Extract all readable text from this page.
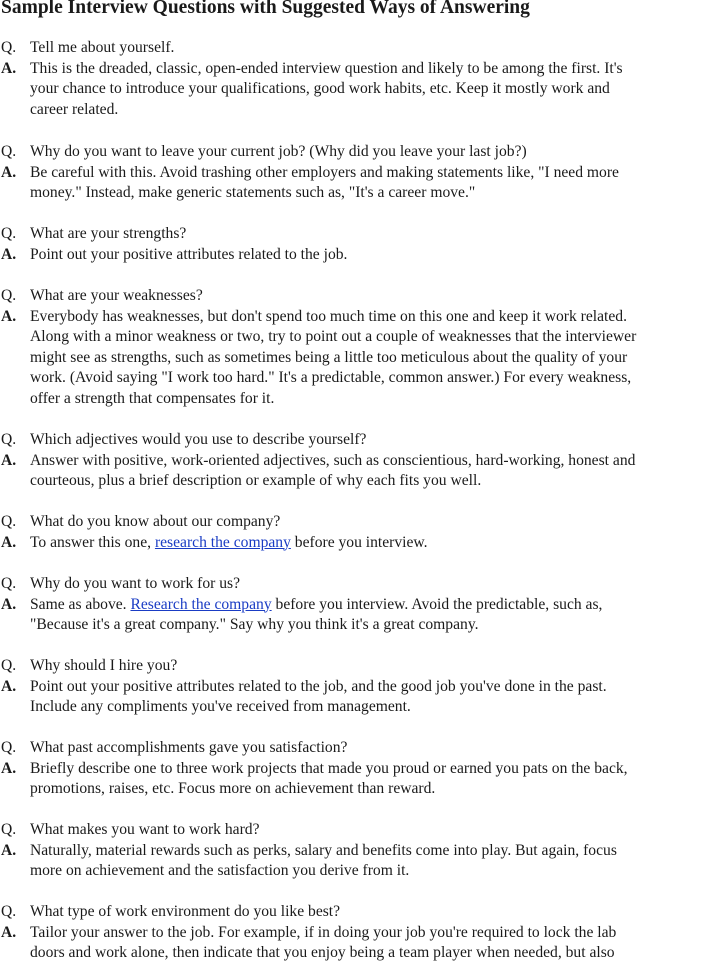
Sample Interview Questions with Suggested Ways of Answering
Q. Tell me about yourself.
A. This is the dreaded, classic, open-ended interview question and likely to be among the first. It's
your chance to introduce your qualifications, good work habits, etc. Keep it mostly work and
career related.
Q. Why do you want to leave your current job? (Why did you leave your last job?)
A. Be careful with this. Avoid trashing other employers and making statements like, "I need more
money." Instead, make generic statements such as, "It's a career move."
Q. What are your strengths?
A. Point out your positive attributes related to the job.
Q. What are your weaknesses?
A. Everybody has weaknesses, but don't spend too much time on this one and keep it work related.
Along with a minor weakness or two, try to point out a couple of weaknesses that the interviewer
might see as strengths, such as sometimes being a little too meticulous about the quality of your
work. (Avoid saying "I work too hard." It's a predictable, common answer.) For every weakness,
offer a strength that compensates for it.
Q. Which adjectives would you use to describe yourself?
A. Answer with positive, work-oriented adjectives, such as conscientious, hard-working, honest and
courteous, plus a brief description or example of why each fits you well.
Q. What do you know about our company?
A. To answer this one, research the company before you interview.
Q. Why do you want to work for us?
A. Same as above. Research the company before you interview. Avoid the predictable, such as,
"Because it's a great company." Say why you think it's a great company.
Q. Why should I hire you?
A. Point out your positive attributes related to the job, and the good job you've done in the past.
Include any compliments you've received from management.
Q. What past accomplishments gave you satisfaction?
A. Briefly describe one to three work projects that made you proud or earned you pats on the back,
promotions, raises, etc. Focus more on achievement than reward.
Q. What makes you want to work hard?
A. Naturally, material rewards such as perks, salary and benefits come into play. But again, focus
more on achievement and the satisfaction you derive from it.
Q. What type of work environment do you like best?
A. Tailor your answer to the job. For example, if in doing your job you're required to lock the lab
doors and work alone, then indicate that you enjoy being a team player when needed, but also
